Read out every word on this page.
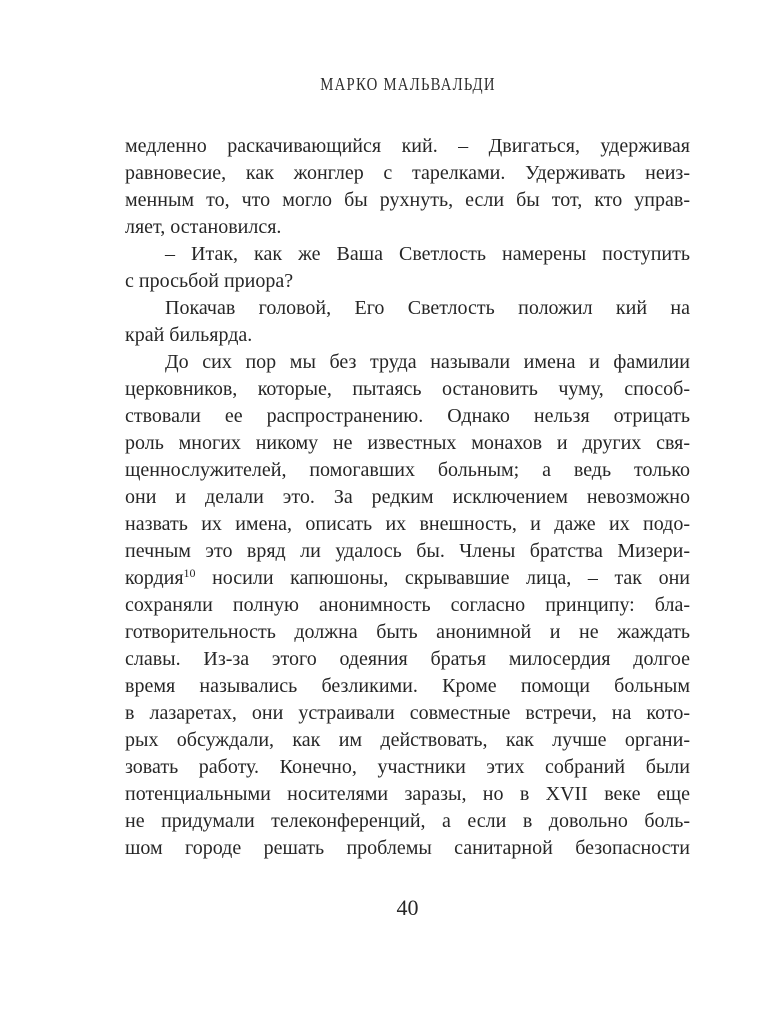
МАРКО МАЛЬВАЛЬДИ
медленно раскачивающийся кий. – Двигаться, удерживая
равновесие, как жонглер с тарелками. Удерживать неиз-
менным то, что могло бы рухнуть, если бы тот, кто управ-
ляет, остановился.
– Итак, как же Ваша Светлость намерены поступить
с просьбой приора?
Покачав головой, Его Светлость положил кий на
край бильярда.
До сих пор мы без труда называли имена и фамилии
церковников, которые, пытаясь остановить чуму, способ-
ствовали ее распространению. Однако нельзя отрицать
роль многих никому не известных монахов и других свя-
щеннослужителей, помогавших больным; а ведь только
они и делали это. За редким исключением невозможно
назвать их имена, описать их внешность, и даже их подо-
печным это вряд ли удалось бы. Члены братства Мизери-
кордия$^{10}$ носили капюшоны, скрывавшие лица, – так они
сохраняли полную анонимность согласно принципу: бла-
готворительность должна быть анонимной и не жаждать
славы. Из-за этого одеяния братья милосердия долгое
время назывались безликими. Кроме помощи больным
в лазаретах, они устраивали совместные встречи, на кото-
рых обсуждали, как им действовать, как лучше органи-
зовать работу. Конечно, участники этих собраний были
потенциальными носителями заразы, но в XVII веке еще
не придумали телеконференций, а если в довольно боль-
шом городе решать проблемы санитарной безопасности
40
